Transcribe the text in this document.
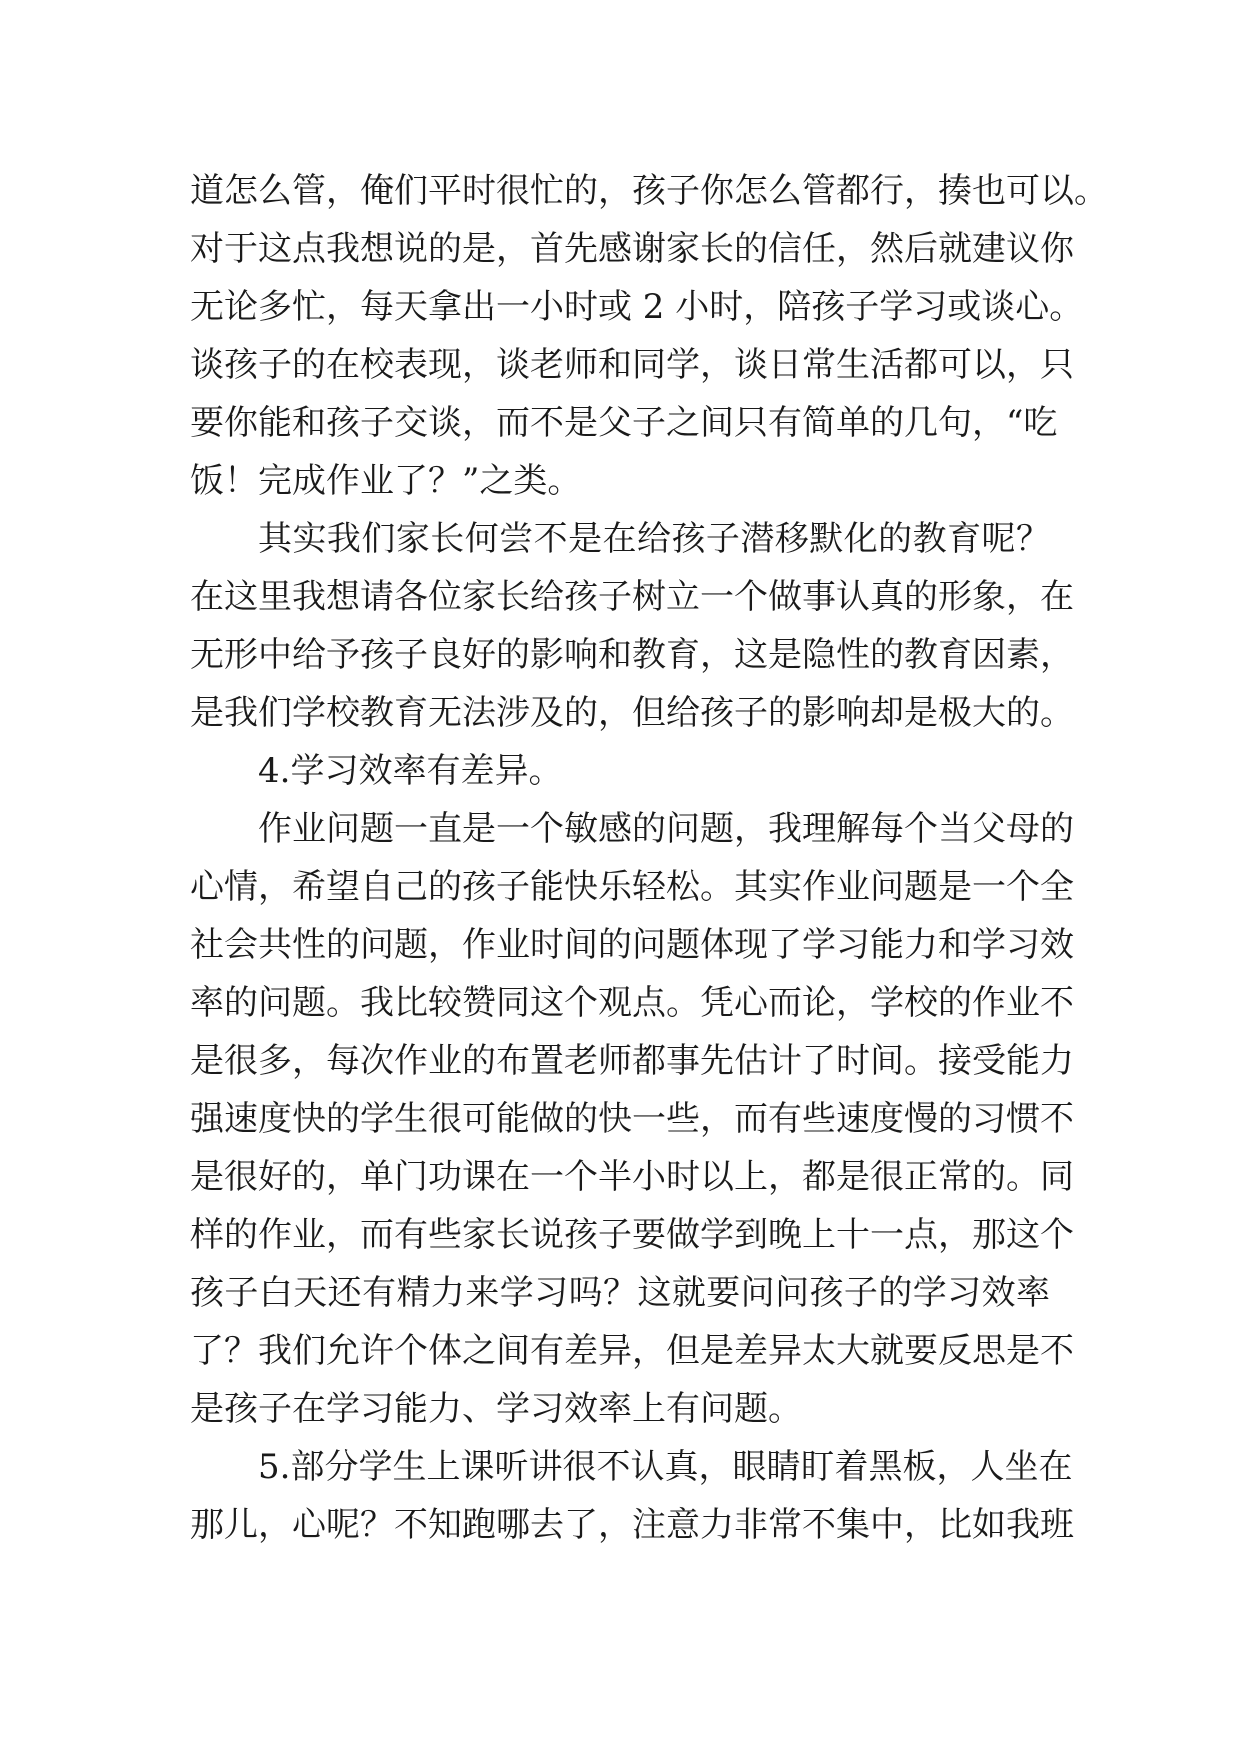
道怎么管，俺们平时很忙的，孩子你怎么管都行，揍也可以。
对于这点我想说的是，首先感谢家长的信任，然后就建议你
无论多忙，每天拿出一小时或 2 小时，陪孩子学习或谈心。
谈孩子的在校表现，谈老师和同学，谈日常生活都可以，只
要你能和孩子交谈，而不是父子之间只有简单的几句，“吃
饭！完成作业了？”之类。
其实我们家长何尝不是在给孩子潜移默化的教育呢？
在这里我想请各位家长给孩子树立一个做事认真的形象，在
无形中给予孩子良好的影响和教育，这是隐性的教育因素，
是我们学校教育无法涉及的，但给孩子的影响却是极大的。
4.学习效率有差异。
作业问题一直是一个敏感的问题，我理解每个当父母的
心情，希望自己的孩子能快乐轻松。其实作业问题是一个全
社会共性的问题，作业时间的问题体现了学习能力和学习效
率的问题。我比较赞同这个观点。凭心而论，学校的作业不
是很多，每次作业的布置老师都事先估计了时间。接受能力
强速度快的学生很可能做的快一些，而有些速度慢的习惯不
是很好的，单门功课在一个半小时以上，都是很正常的。同
样的作业，而有些家长说孩子要做学到晚上十一点，那这个
孩子白天还有精力来学习吗？这就要问问孩子的学习效率
了？我们允许个体之间有差异，但是差异太大就要反思是不
是孩子在学习能力、学习效率上有问题。
5.部分学生上课听讲很不认真，眼睛盯着黑板，人坐在
那儿，心呢？不知跑哪去了，注意力非常不集中，比如我班
